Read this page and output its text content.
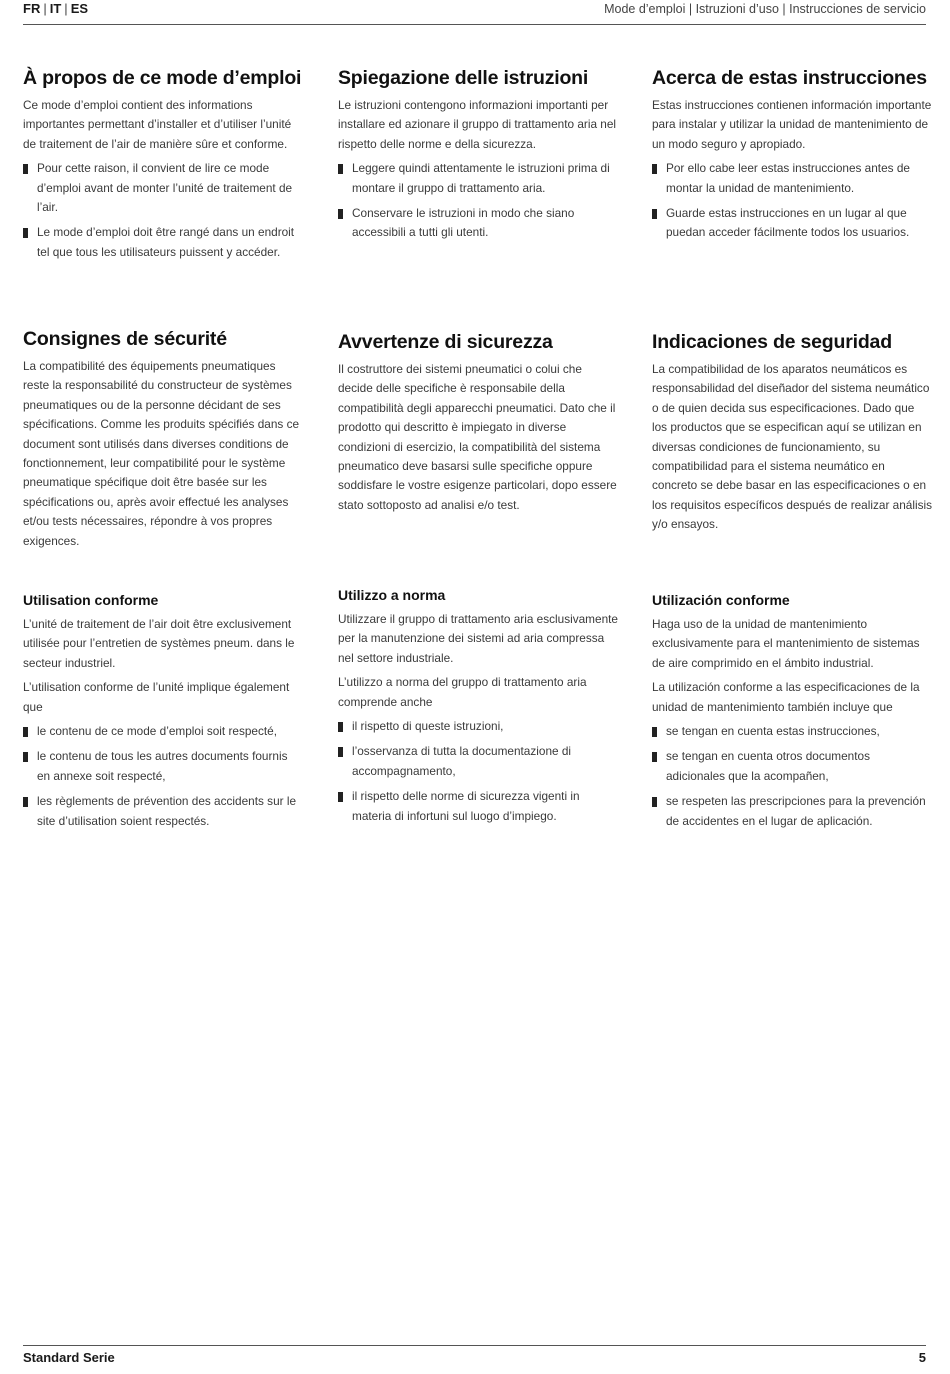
FR | IT | ES	Mode d’emploi | Istruzioni d’uso | Instrucciones de servicio
À propos de ce mode d’emploi

Ce mode d’emploi contient des informations importantes permettant d’installer et d’utiliser l’unité de traitement de l’air de manière sûre et conforme.

Pour cette raison, il convient de lire ce mode d’emploi avant de monter l’unité de traitement de l’air.
Le mode d’emploi doit être rangé dans un endroit tel que tous les utilisateurs puissent y accéder.
Spiegazione delle istruzioni

Le istruzioni contengono informazioni importanti per installare ed azionare il gruppo di trattamento aria nel rispetto delle norme e della sicurezza.

Leggere quindi attentamente le istruzioni prima di montare il gruppo di trattamento aria.
Conservare le istruzioni in modo che siano accessibili a tutti gli utenti.
Acerca de estas instrucciones

Estas instrucciones contienen información importante para instalar y utilizar la unidad de mantenimiento de un modo seguro y apropiado.

Por ello cabe leer estas instrucciones antes de montar la unidad de mantenimiento.
Guarde estas instrucciones en un lugar al que puedan acceder fácilmente todos los usuarios.
Consignes de sécurité

La compatibilité des équipements pneumatiques reste la responsabilité du constructeur de systèmes pneumatiques ou de la personne décidant de ses spécifications. Comme les produits spécifiés dans ce document sont utilisés dans diverses conditions de fonctionnement, leur compatibilité pour le système pneumatique spécifique doit être basée sur les spécifications ou, après avoir effectué les analyses et/ou tests nécessaires, répondre à vos propres exigences.

Avvertenze di sicurezza

Il costruttore dei sistemi pneumatici o colui che decide delle specifiche è responsabile della compatibilità degli apparecchi pneumatici. Dato che il prodotto qui descritto è impiegato in diverse condizioni di esercizio, la compatibilità del sistema pneumatico deve basarsi sulle specifiche oppure soddisfare le vostre esigenze particolari, dopo essere stato sottoposto ad analisi e/o test.

Indicaciones de seguridad

La compatibilidad de los aparatos neumáticos es responsabilidad del diseñador del sistema neumático o de quien decida sus especificaciones. Dado que los productos que se especifican aquí se utilizan en diversas condiciones de funcionamiento, su compatibilidad para el sistema neumático en concreto se debe basar en las especificaciones o en los requisitos específicos después de realizar análisis y/o ensayos.

Utilisation conforme

L’unité de traitement de l’air doit être exclusivement utilisée pour l’entretien de systèmes pneum. dans le secteur industriel.

L’utilisation conforme de l’unité implique également que

le contenu de ce mode d’emploi soit respecté,
le contenu de tous les autres documents fournis en annexe soit respecté,
les règlements de prévention des accidents sur le site d’utilisation soient respectés.
Utilizzo a norma

Utilizzare il gruppo di trattamento aria esclusivamente per la manutenzione dei sistemi ad aria compressa nel settore industriale.

L’utilizzo a norma del gruppo di trattamento aria comprende anche

il rispetto di queste istruzioni,
l’osservanza di tutta la documentazione di accompagnamento,
il rispetto delle norme di sicurezza vigenti in materia di infortuni sul luogo d’impiego.
Utilización conforme

Haga uso de la unidad de mantenimiento exclusivamente para el mantenimiento de sistemas de aire comprimido en el ámbito industrial.

La utilización conforme a las especificaciones de la unidad de mantenimiento también incluye que

se tengan en cuenta estas instrucciones,
se tengan en cuenta otros documentos adicionales que la acompañen,
se respeten las prescripciones para la prevención de accidentes en el lugar de aplicación.
Standard Serie	5
